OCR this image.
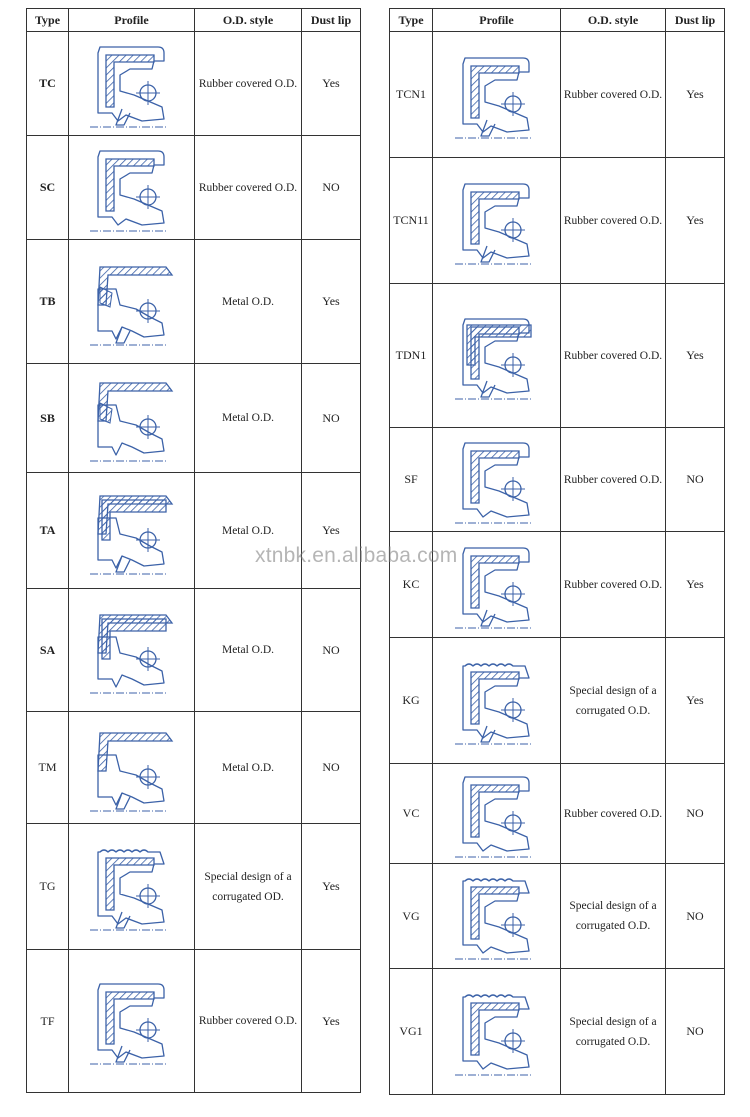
Type	Profile	O.D. style	Dust lip
TC		Rubber covered O.D.	Yes
SC		Rubber covered O.D.	NO
TB		Metal O.D.	Yes
SB		Metal O.D.	NO
TA		Metal O.D.	Yes
SA		Metal O.D.	NO
TM		Metal O.D.	NO
TG		Special design of a corrugated OD.	Yes
TF		Rubber covered O.D.	Yes
Type	Profile	O.D. style	Dust lip
TCN1		Rubber covered O.D.	Yes
TCN11		Rubber covered O.D.	Yes
TDN1		Rubber covered O.D.	Yes
SF		Rubber covered O.D.	NO
KC		Rubber covered O.D.	Yes
KG		Special design of a corrugated O.D.	Yes
VC		Rubber covered O.D.	NO
VG		Special design of a corrugated O.D.	NO
VG1		Special design of a corrugated O.D.	NO
xtnbk.en.alibaba.com
